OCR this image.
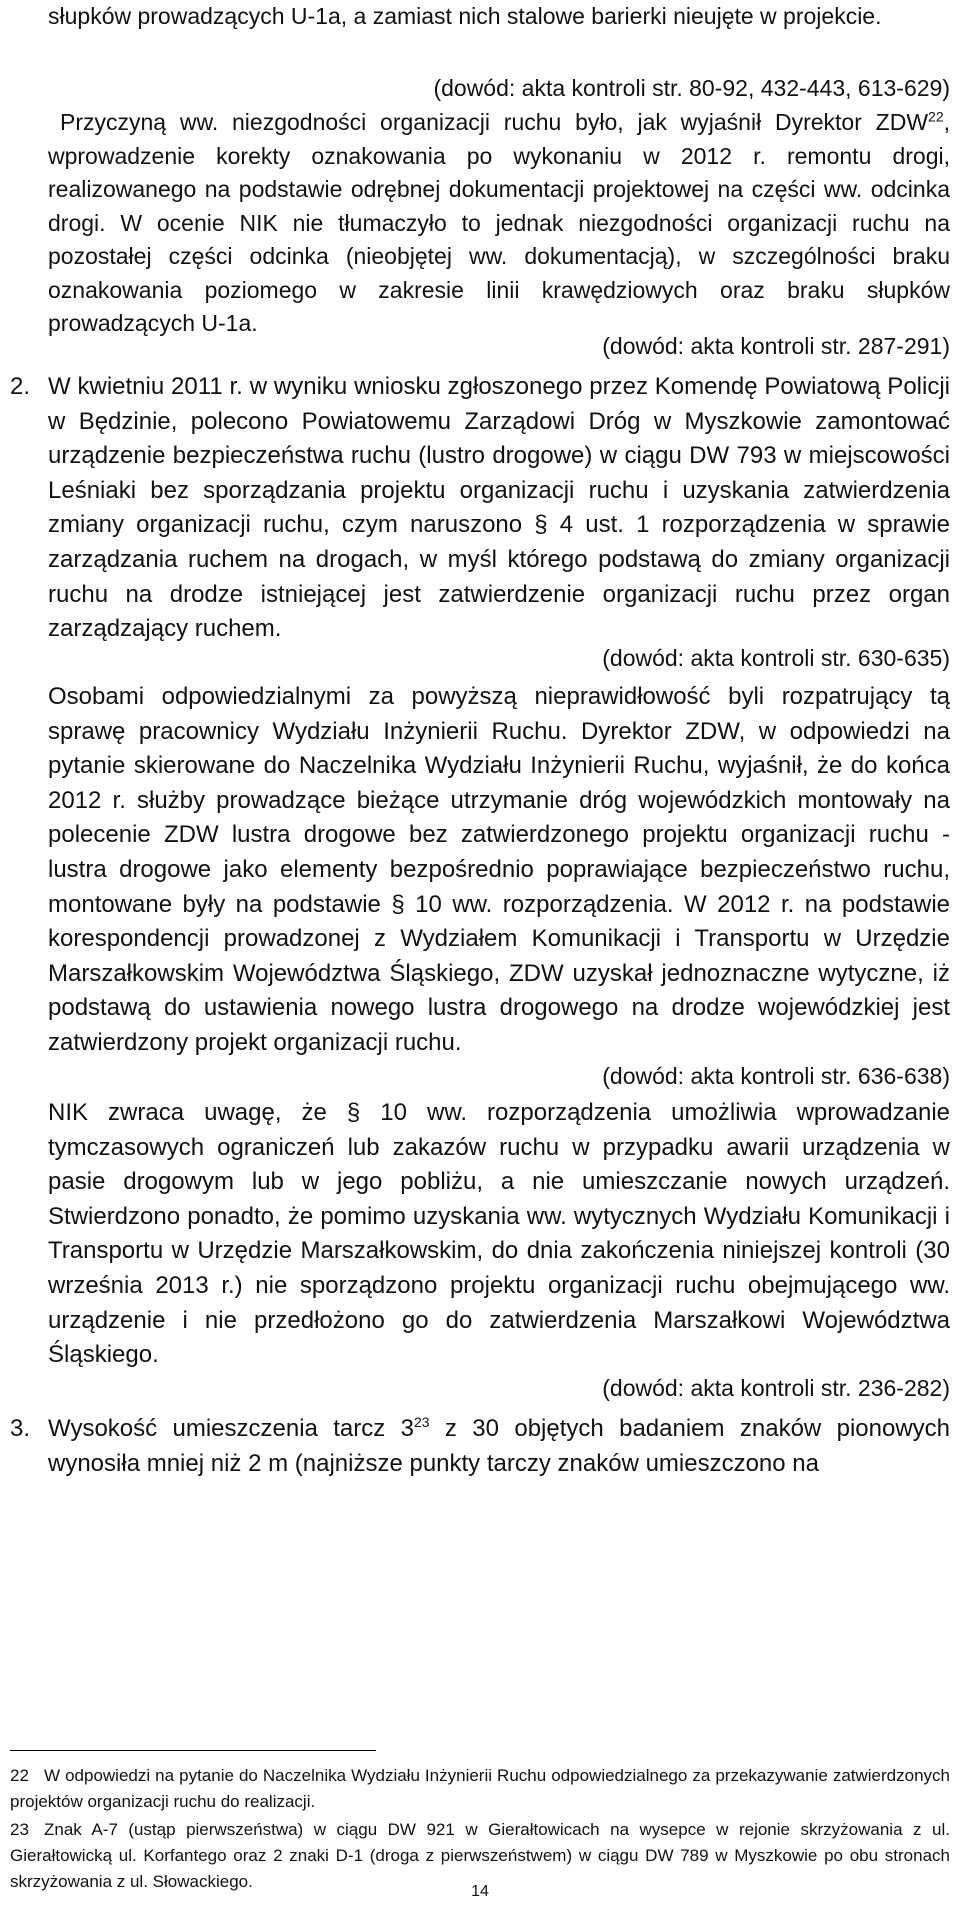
słupków prowadzących U-1a, a zamiast nich stalowe barierki nieujęte w projekcie.

(dowód: akta kontroli str. 80-92, 432-443, 613-629)

Przyczyną ww. niezgodności organizacji ruchu było, jak wyjaśnił Dyrektor ZDW$^{22}$, wprowadzenie korekty oznakowania po wykonaniu w 2012 r. remontu drogi, realizowanego na podstawie odrębnej dokumentacji projektowej na części ww. odcinka drogi. W ocenie NIK nie tłumaczyło to jednak niezgodności organizacji ruchu na pozostałej części odcinka (nieobjętej ww. dokumentacją), w szczególności braku oznakowania poziomego w zakresie linii krawędziowych oraz braku słupków prowadzących U-1a.

(dowód: akta kontroli str. 287-291)

2. W kwietniu 2011 r. w wyniku wniosku zgłoszonego przez Komendę Powiatową Policji w Będzinie, polecono Powiatowemu Zarządowi Dróg w Myszkowie zamontować urządzenie bezpieczeństwa ruchu (lustro drogowe) w ciągu DW 793 w miejscowości Leśniaki bez sporządzania projektu organizacji ruchu i uzyskania zatwierdzenia zmiany organizacji ruchu, czym naruszono § 4 ust. 1 rozporządzenia w sprawie zarządzania ruchem na drogach, w myśl którego podstawą do zmiany organizacji ruchu na drodze istniejącej jest zatwierdzenie organizacji ruchu przez organ zarządzający ruchem.

(dowód: akta kontroli str. 630-635)

Osobami odpowiedzialnymi za powyższą nieprawidłowość byli rozpatrujący tą sprawę pracownicy Wydziału Inżynierii Ruchu. Dyrektor ZDW, w odpowiedzi na pytanie skierowane do Naczelnika Wydziału Inżynierii Ruchu, wyjaśnił, że do końca 2012 r. służby prowadzące bieżące utrzymanie dróg wojewódzkich montowały na polecenie ZDW lustra drogowe bez zatwierdzonego projektu organizacji ruchu - lustra drogowe jako elementy bezpośrednio poprawiające bezpieczeństwo ruchu, montowane były na podstawie § 10 ww. rozporządzenia. W 2012 r. na podstawie korespondencji prowadzonej z Wydziałem Komunikacji i Transportu w Urzędzie Marszałkowskim Województwa Śląskiego, ZDW uzyskał jednoznaczne wytyczne, iż podstawą do ustawienia nowego lustra drogowego na drodze wojewódzkiej jest zatwierdzony projekt organizacji ruchu.

(dowód: akta kontroli str. 636-638)

NIK zwraca uwagę, że § 10 ww. rozporządzenia umożliwia wprowadzanie tymczasowych ograniczeń lub zakazów ruchu w przypadku awarii urządzenia w pasie drogowym lub w jego pobliżu, a nie umieszczanie nowych urządzeń. Stwierdzono ponadto, że pomimo uzyskania ww. wytycznych Wydziału Komunikacji i Transportu w Urzędzie Marszałkowskim, do dnia zakończenia niniejszej kontroli (30 września 2013 r.) nie sporządzono projektu organizacji ruchu obejmującego ww. urządzenie i nie przedłożono go do zatwierdzenia Marszałkowi Województwa Śląskiego.

(dowód: akta kontroli str. 236-282)

3. Wysokość umieszczenia tarcz $3^{23}$ z 30 objętych badaniem znaków pionowych wynosiła mniej niż 2 m (najniższe punkty tarczy znaków umieszczono na

22 W odpowiedzi na pytanie do Naczelnika Wydziału Inżynierii Ruchu odpowiedzialnego za przekazywanie zatwierdzonych projektów organizacji ruchu do realizacji.

23 Znak A-7 (ustąp pierwszeństwa) w ciągu DW 921 w Gierałtowicach na wysepce w rejonie skrzyżowania z ul. Gierałtowicką ul. Korfantego oraz 2 znaki D-1 (droga z pierwszeństwem) w ciągu DW 789 w Myszkowie po obu stronach skrzyżowania z ul. Słowackiego.

14
